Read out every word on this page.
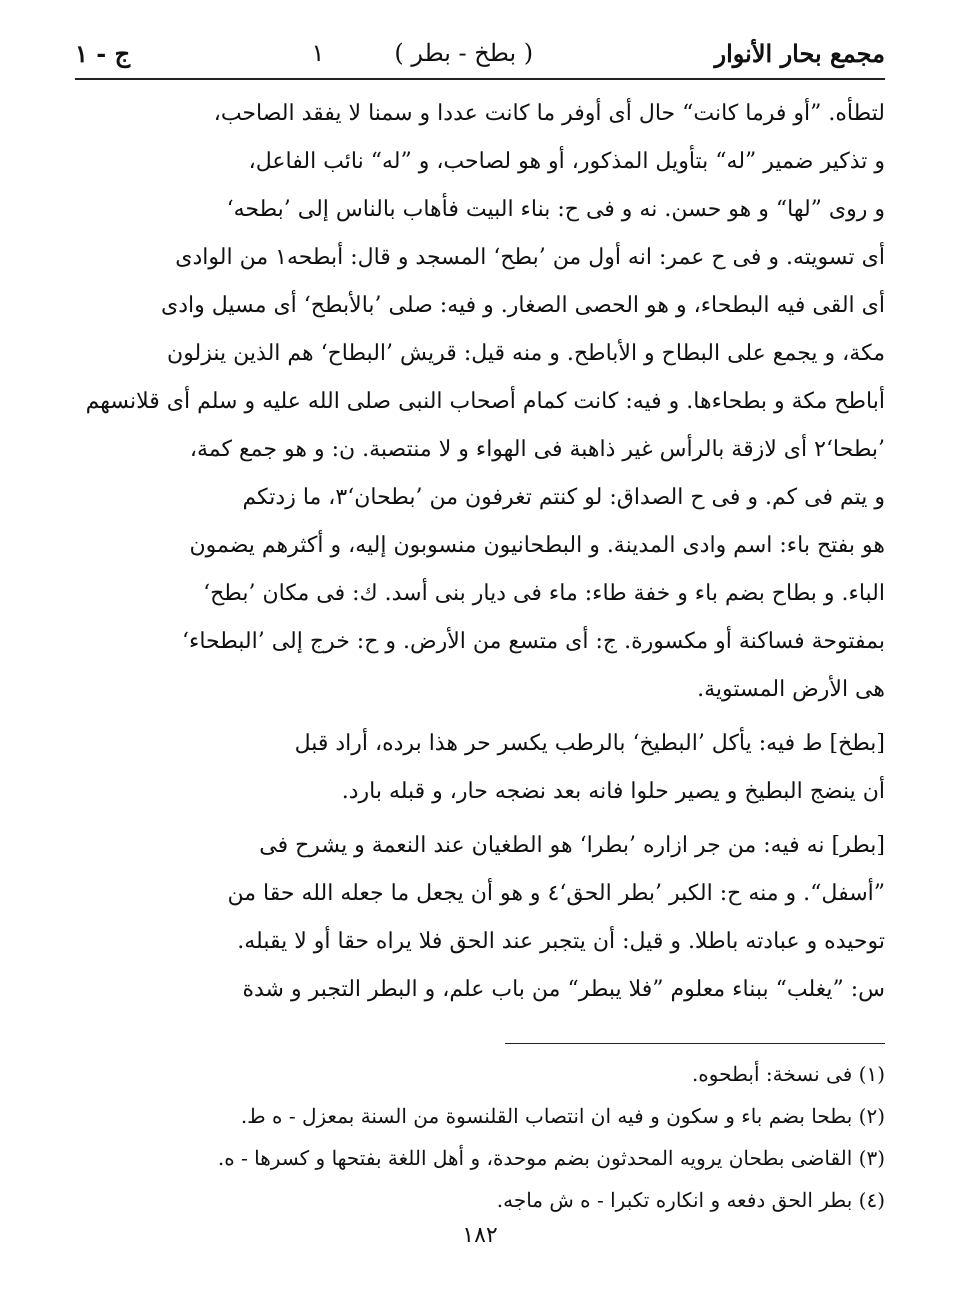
مجمع بحار الأنوار
( بطخ - بطر )
١
ج - ١
لتطأه. ”أو فرما كانت“ حال أى أوفر ما كانت عددا و سمنا لا يفقد الصاحب،
و تذكير ضمير ”له“ بتأويل المذكور، أو هو لصاحب، و ”له“ نائب الفاعل،
و روى ”لها“ و هو حسن. نه و فى ح: بناء البيت فأهاب بالناس إلى ’بطحه‘
أى تسويته. و فى ح عمر: انه أول من ’بطح‘ المسجد و قال: أبطحه١ من الوادى
أى القى فيه البطحاء، و هو الحصى الصغار. و فيه: صلى ’بالأبطح‘ أى مسيل وادى
مكة، و يجمع على البطاح و الأباطح. و منه قيل: قريش ’البطاح‘ هم الذين ينزلون
أباطح مكة و بطحاءها. و فيه: كانت كمام أصحاب النبى صلى الله عليه و سلم أى قلانسهم
’بطحا‘٢ أى لازقة بالرأس غير ذاهبة فى الهواء و لا منتصبة. ن: و هو جمع كمة،
و يتم فى كم. و فى ح الصداق: لو كنتم تغرفون من ’بطحان‘٣، ما زدتكم
هو بفتح باء: اسم وادى المدينة. و البطحانيون منسوبون إليه، و أكثرهم يضمون
الباء. و بطاح بضم باء و خفة طاء: ماء فى ديار بنى أسد. ك: فى مكان ’بطح‘
بمفتوحة فساكنة أو مكسورة. ج: أى متسع من الأرض. و ح: خرج إلى ’البطحاء‘
هى الأرض المستوية.
[بطخ] ط فيه: يأكل ’البطيخ‘ بالرطب يكسر حر هذا برده، أراد قبل
أن ينضج البطيخ و يصير حلوا فانه بعد نضجه حار، و قبله بارد.
[بطر] نه فيه: من جر ازاره ’بطرا‘ هو الطغيان عند النعمة و يشرح فى
”أسفل“. و منه ح: الكبر ’بطر الحق‘٤ و هو أن يجعل ما جعله الله حقا من
توحيده و عبادته باطلا. و قيل: أن يتجبر عند الحق فلا يراه حقا أو لا يقبله.
س: ”يغلب“ ببناء معلوم ”فلا يبطر“ من باب علم، و البطر التجبر و شدة
(١) فى نسخة: أبطحوه.
(٢) بطحا بضم باء و سكون و فيه ان انتصاب القلنسوة من السنة بمعزل - ه ط.
(٣) القاضى بطحان يرويه المحدثون بضم موحدة، و أهل اللغة بفتحها و كسرها - ه.
(٤) بطر الحق دفعه و انكاره تكبرا - ه ش ماجه.
١٨٢
